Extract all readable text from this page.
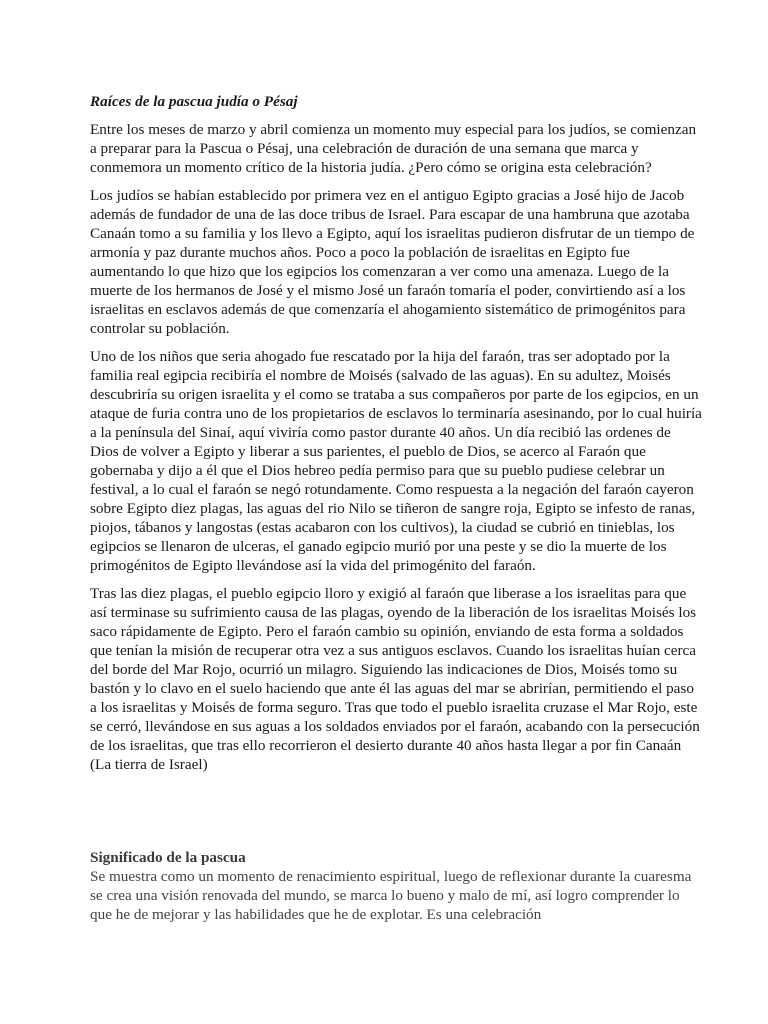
Raíces de la pascua judía o Pésaj

Entre los meses de marzo y abril comienza un momento muy especial para los judíos, se comienzan a preparar para la Pascua o Pésaj, una celebración de duración de una semana que marca y conmemora un momento crítico de la historia judía. ¿Pero cómo se origina esta celebración?

Los judíos se habían establecido por primera vez en el antiguo Egipto gracias a José hijo de Jacob además de fundador de una de las doce tribus de Israel. Para escapar de una hambruna que azotaba Canaán tomo a su familia y los llevo a Egipto, aquí los israelitas pudieron disfrutar de un tiempo de armonía y paz durante muchos años. Poco a poco la población de israelitas en Egipto fue aumentando lo que hizo que los egipcios los comenzaran a ver como una amenaza. Luego de la muerte de los hermanos de José y el mismo José un faraón tomaría el poder, convirtiendo así a los israelitas en esclavos además de que comenzaría el ahogamiento sistemático de primogénitos para controlar su población.

Uno de los niños que seria ahogado fue rescatado por la hija del faraón, tras ser adoptado por la familia real egipcia recibiría el nombre de Moisés (salvado de las aguas). En su adultez, Moisés descubriría su origen israelita y el como se trataba a sus compañeros por parte de los egipcios, en un ataque de furia contra uno de los propietarios de esclavos lo terminaría asesinando, por lo cual huiría a la península del Sinaí, aquí viviría como pastor durante 40 años. Un día recibió las ordenes de Dios de volver a Egipto y liberar a sus parientes, el pueblo de Dios, se acerco al Faraón que gobernaba y dijo a él que el Dios hebreo pedía permiso para que su pueblo pudiese celebrar un festival, a lo cual el faraón se negó rotundamente. Como respuesta a la negación del faraón cayeron sobre Egipto diez plagas, las aguas del rio Nilo se tiñeron de sangre roja, Egipto se infesto de ranas, piojos, tábanos y langostas (estas acabaron con los cultivos), la ciudad se cubrió en tinieblas, los egipcios se llenaron de ulceras, el ganado egipcio murió por una peste y se dio la muerte de los primogénitos de Egipto llevándose así la vida del primogénito del faraón.

Tras las diez plagas, el pueblo egipcio lloro y exigió al faraón que liberase a los israelitas para que así terminase su sufrimiento causa de las plagas, oyendo de la liberación de los israelitas Moisés los saco rápidamente de Egipto. Pero el faraón cambio su opinión, enviando de esta forma a soldados que tenían la misión de recuperar otra vez a sus antiguos esclavos. Cuando los israelitas huían cerca del borde del Mar Rojo, ocurrió un milagro. Siguiendo las indicaciones de Dios, Moisés tomo su bastón y lo clavo en el suelo haciendo que ante él las aguas del mar se abrirían, permitiendo el paso a los israelitas y Moisés de forma seguro. Tras que todo el pueblo israelita cruzase el Mar Rojo, este se cerró, llevándose en sus aguas a los soldados enviados por el faraón, acabando con la persecución de los israelitas, que tras ello recorrieron el desierto durante 40 años hasta llegar a por fin Canaán (La tierra de Israel)

Significado de la pascua

Se muestra como un momento de renacimiento espiritual, luego de reflexionar durante la cuaresma se crea una visión renovada del mundo, se marca lo bueno y malo de mí, así logro comprender lo que he de mejorar y las habilidades que he de explotar. Es una celebración
